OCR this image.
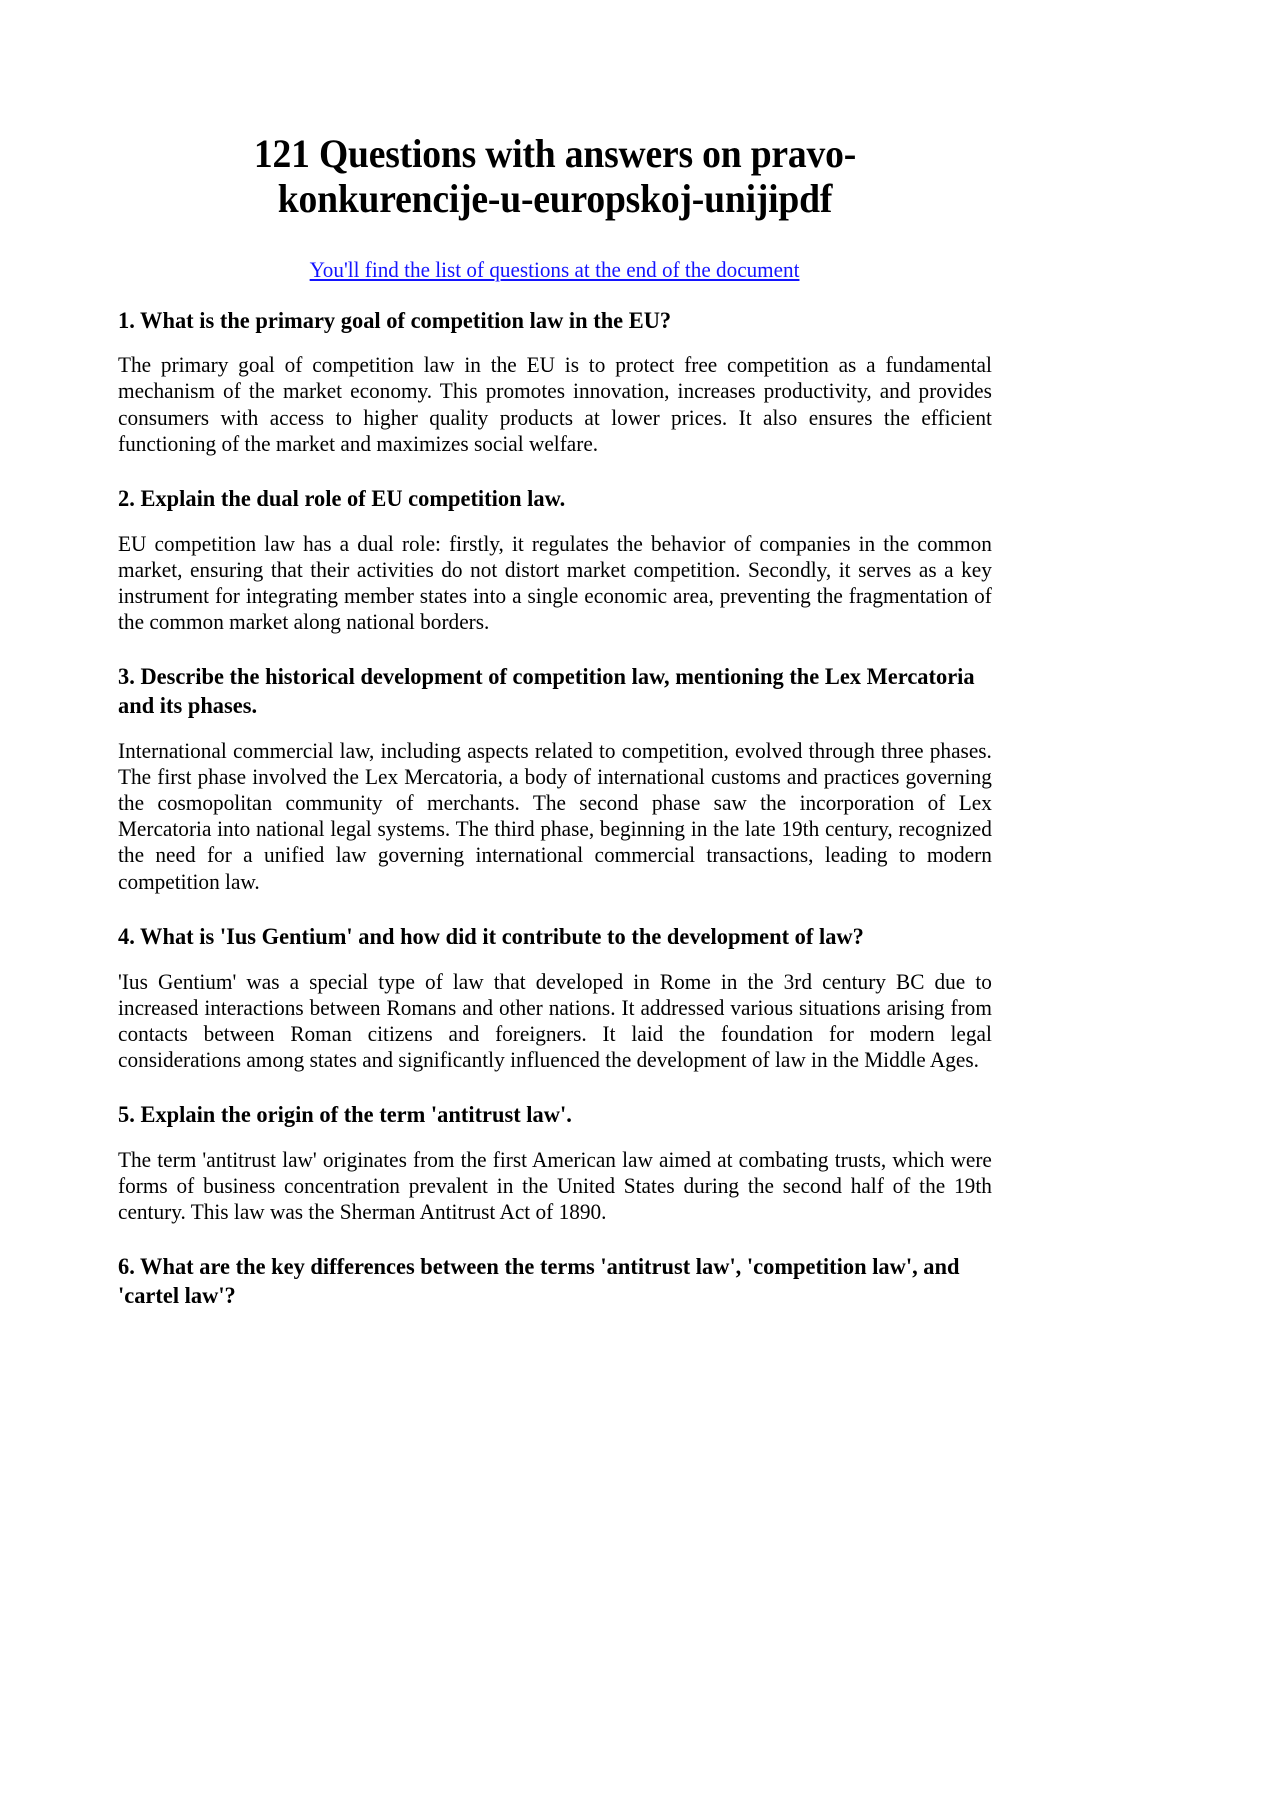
121 Questions with answers on pravo-konkurencije-u-europskoj-unijipdf
You'll find the list of questions at the end of the document
1. What is the primary goal of competition law in the EU?

The primary goal of competition law in the EU is to protect free competition as a fundamental mechanism of the market economy. This promotes innovation, increases productivity, and provides consumers with access to higher quality products at lower prices. It also ensures the efficient functioning of the market and maximizes social welfare.

2. Explain the dual role of EU competition law.

EU competition law has a dual role: firstly, it regulates the behavior of companies in the common market, ensuring that their activities do not distort market competition. Secondly, it serves as a key instrument for integrating member states into a single economic area, preventing the fragmentation of the common market along national borders.

3. Describe the historical development of competition law, mentioning the Lex Mercatoria and its phases.

International commercial law, including aspects related to competition, evolved through three phases. The first phase involved the Lex Mercatoria, a body of international customs and practices governing the cosmopolitan community of merchants. The second phase saw the incorporation of Lex Mercatoria into national legal systems. The third phase, beginning in the late 19th century, recognized the need for a unified law governing international commercial transactions, leading to modern competition law.

4. What is 'Ius Gentium' and how did it contribute to the development of law?

'Ius Gentium' was a special type of law that developed in Rome in the 3rd century BC due to increased interactions between Romans and other nations. It addressed various situations arising from contacts between Roman citizens and foreigners. It laid the foundation for modern legal considerations among states and significantly influenced the development of law in the Middle Ages.

5. Explain the origin of the term 'antitrust law'.

The term 'antitrust law' originates from the first American law aimed at combating trusts, which were forms of business concentration prevalent in the United States during the second half of the 19th century. This law was the Sherman Antitrust Act of 1890.

6. What are the key differences between the terms 'antitrust law', 'competition law', and 'cartel law'?
